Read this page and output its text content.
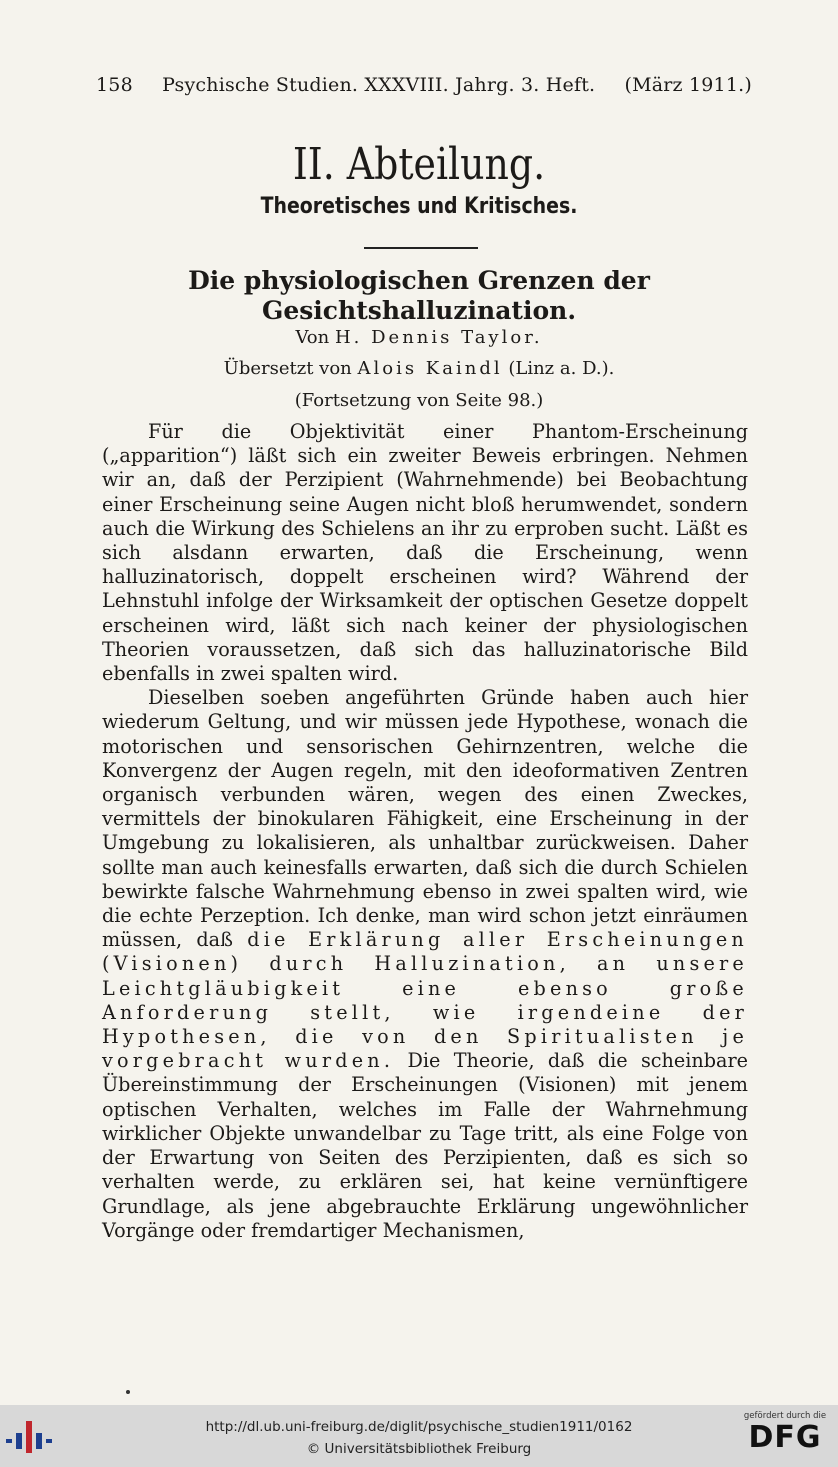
158 Psychische Studien. XXXVIII. Jahrg. 3. Heft. (März 1911.)
II. Abteilung.
Theoretisches und Kritisches.
Die physiologischen Grenzen der
Gesichtshalluzination.
Von H. Dennis Taylor.
Übersetzt von Alois Kaindl (Linz a. D.).
(Fortsetzung von Seite 98.)

Für die Objektivität einer Phantom-Erscheinung („apparition“) läßt sich ein zweiter Beweis erbringen. Nehmen wir an, daß der Perzipient (Wahrnehmende) bei Beobachtung einer Erscheinung seine Augen nicht bloß herumwendet, sondern auch die Wirkung des Schielens an ihr zu erproben sucht. Läßt es sich alsdann erwarten, daß die Erscheinung, wenn halluzinatorisch, doppelt erscheinen wird? Während der Lehnstuhl infolge der Wirksamkeit der optischen Gesetze doppelt erscheinen wird, läßt sich nach keiner der physiologischen Theorien voraussetzen, daß sich das halluzinatorische Bild ebenfalls in zwei spalten wird.

Dieselben soeben angeführten Gründe haben auch hier wiederum Geltung, und wir müssen jede Hypothese, wonach die motorischen und sensorischen Gehirnzentren, welche die Konvergenz der Augen regeln, mit den ideoformativen Zentren organisch verbunden wären, wegen des einen Zweckes, vermittels der binokularen Fähigkeit, eine Erscheinung in der Umgebung zu lokalisieren, als unhaltbar zurückweisen. Daher sollte man auch keinesfalls erwarten, daß sich die durch Schielen bewirkte falsche Wahrnehmung ebenso in zwei spalten wird, wie die echte Perzeption. Ich denke, man wird schon jetzt einräumen müssen, daß die Erklärung aller Erscheinungen (Visionen) durch Halluzination, an unsere Leichtgläubigkeit eine ebenso große Anforderung stellt, wie irgendeine der Hypothesen, die von den Spiritualisten je vorgebracht wurden. Die Theorie, daß die scheinbare Übereinstimmung der Erscheinungen (Visionen) mit jenem optischen Verhalten, welches im Falle der Wahrnehmung wirklicher Objekte unwandelbar zu Tage tritt, als eine Folge von der Erwartung von Seiten des Perzipienten, daß es sich so verhalten werde, zu erklären sei, hat keine vernünftigere Grundlage, als jene abgebrauchte Erklärung ungewöhnlicher Vorgänge oder fremdartiger Mechanismen,

http://dl.ub.uni-freiburg.de/diglit/psychische_studien1911/0162
© Universitätsbibliothek Freiburg
gefördert durch die
DFG
